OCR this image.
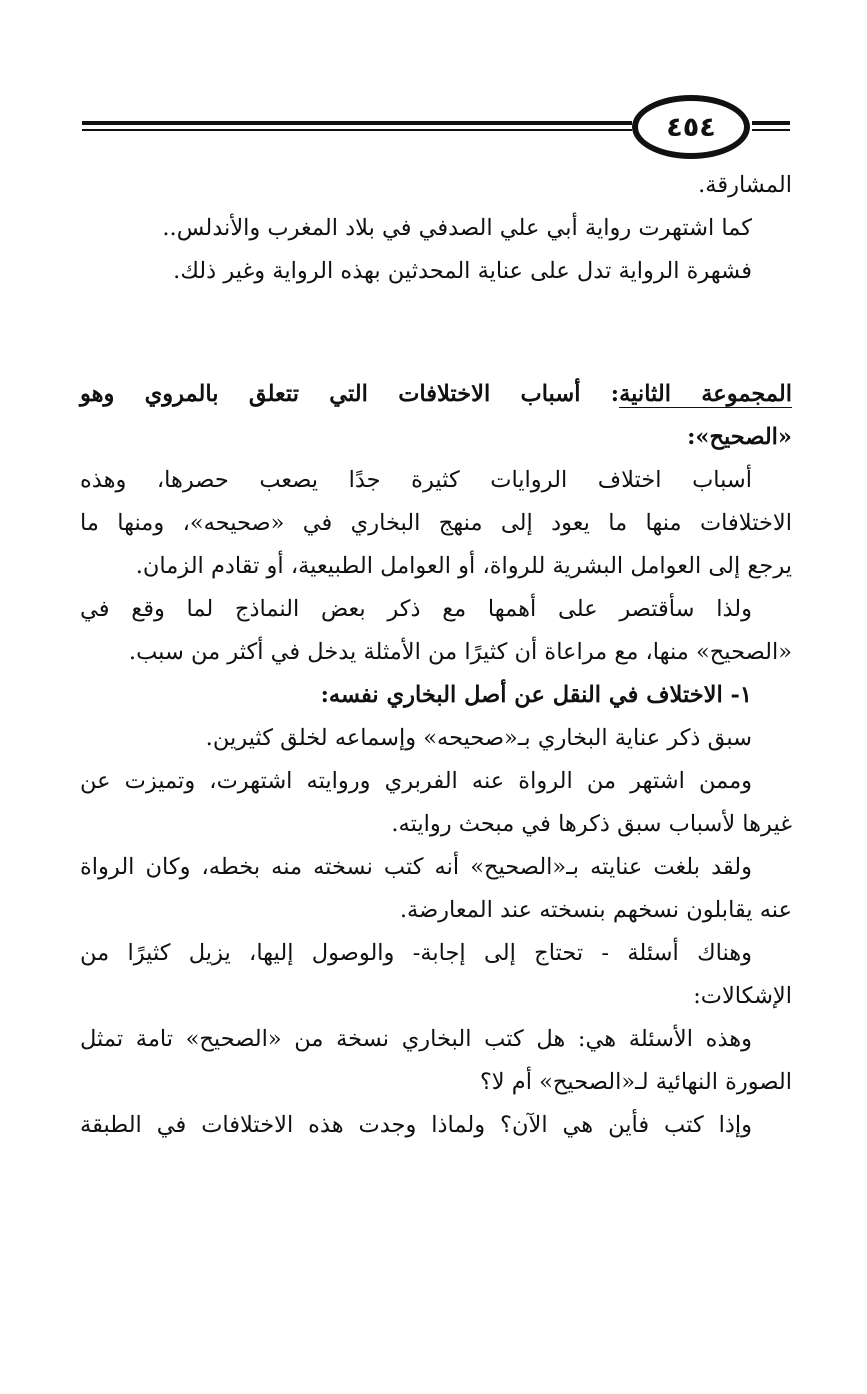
٤٥٤
المشارقة.
كما اشتهرت رواية أبي علي الصدفي في بلاد المغرب والأندلس..
فشهرة الرواية تدل على عناية المحدثين بهذه الرواية وغير ذلك.
المجموعة الثانية: أسباب الاختلافات التي تتعلق بالمروي وهو
«الصحيح»:
أسباب اختلاف الروايات كثيرة جدًا يصعب حصرها، وهذه
الاختلافات منها ما يعود إلى منهج البخاري في «صحيحه»، ومنها ما
يرجع إلى العوامل البشرية للرواة، أو العوامل الطبيعية، أو تقادم الزمان.
ولذا سأقتصر على أهمها مع ذكر بعض النماذج لما وقع في
«الصحيح» منها، مع مراعاة أن كثيرًا من الأمثلة يدخل في أكثر من سبب.
١- الاختلاف في النقل عن أصل البخاري نفسه:
سبق ذكر عناية البخاري بـ«صحيحه» وإسماعه لخلق كثيرين.
وممن اشتهر من الرواة عنه الفربري وروايته اشتهرت، وتميزت عن
غيرها لأسباب سبق ذكرها في مبحث روايته.
ولقد بلغت عنايته بـ«الصحيح» أنه كتب نسخته منه بخطه، وكان الرواة
عنه يقابلون نسخهم بنسخته عند المعارضة.
وهناك أسئلة - تحتاج إلى إجابة- والوصول إليها، يزيل كثيرًا من
الإشكالات:
وهذه الأسئلة هي: هل كتب البخاري نسخة من «الصحيح» تامة تمثل
الصورة النهائية لـ«الصحيح» أم لا؟
وإذا كتب فأين هي الآن؟ ولماذا وجدت هذه الاختلافات في الطبقة
